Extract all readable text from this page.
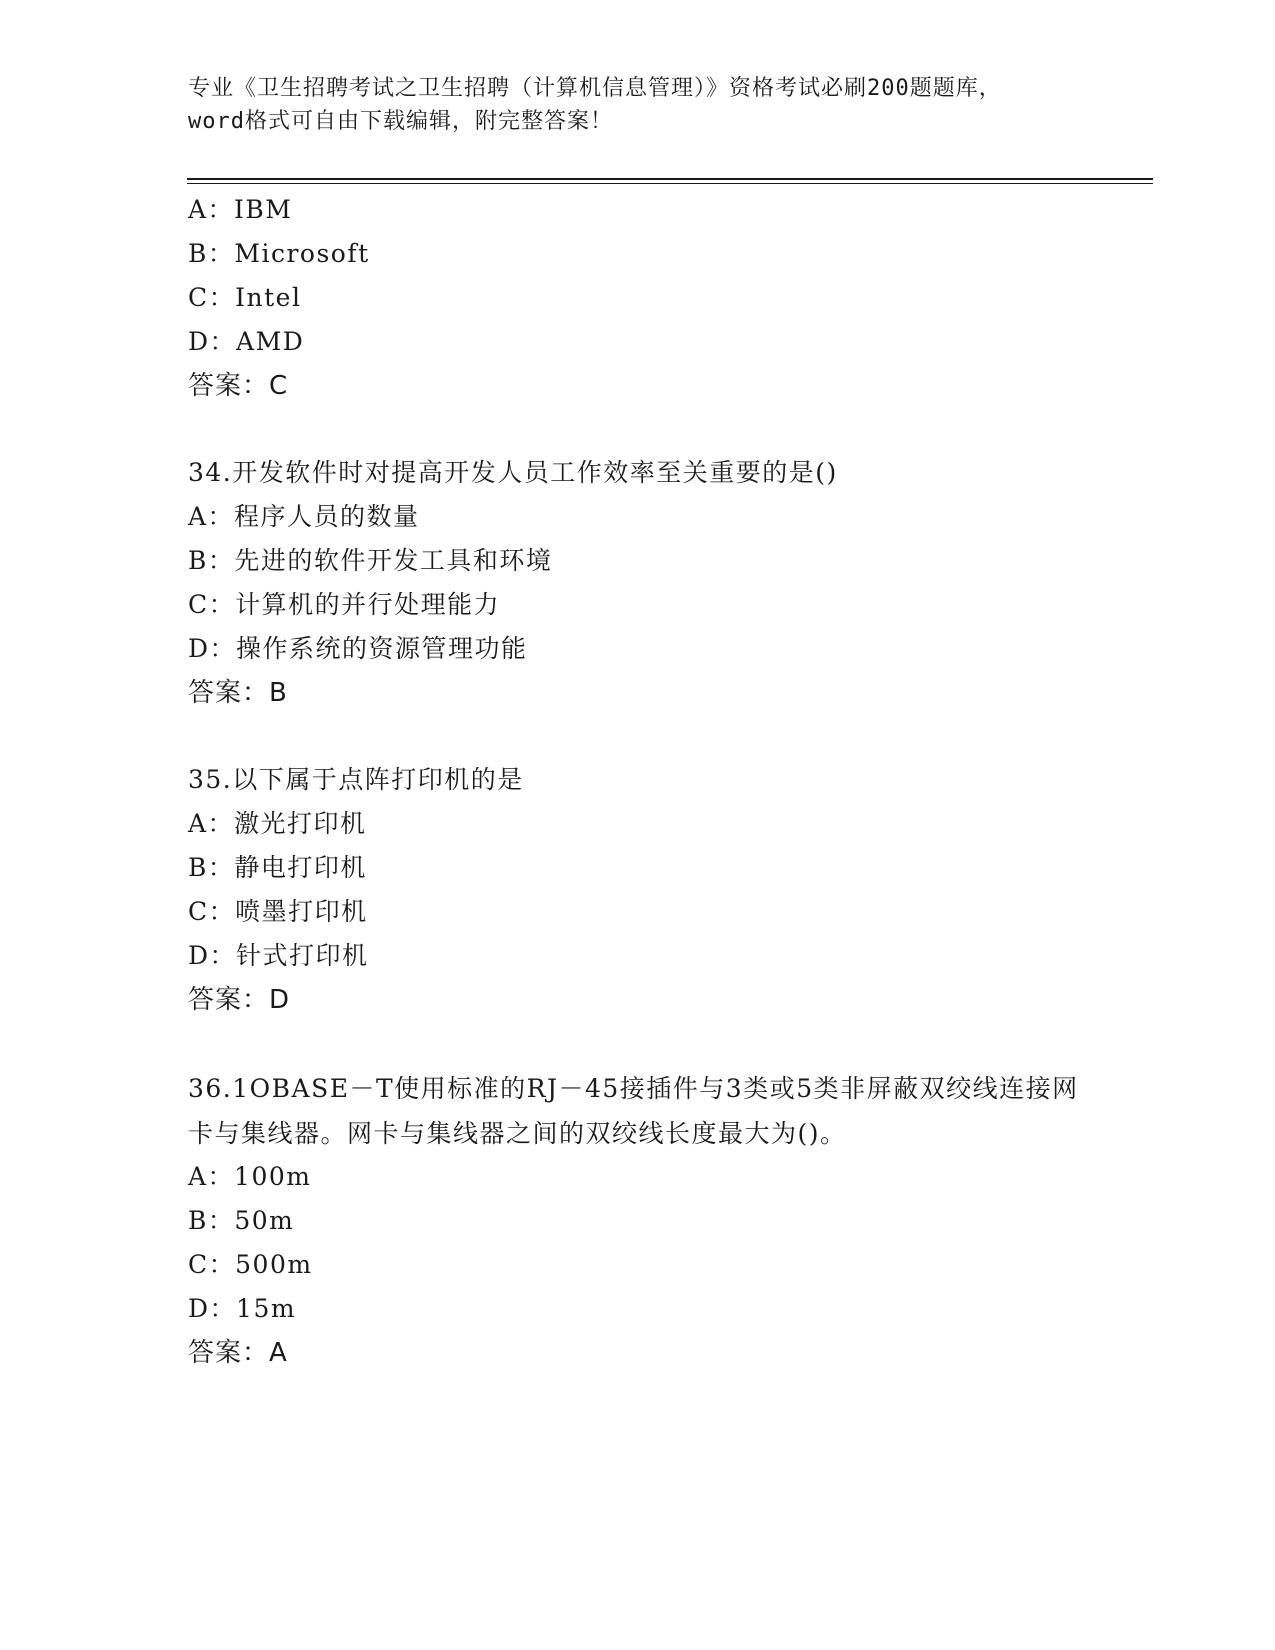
专业《卫生招聘考试之卫生招聘（计算机信息管理）》资格考试必刷200题题库，
word格式可自由下载编辑，附完整答案！
A：IBM
B：Microsoft
C：Intel
D：AMD
答案：C
34.开发软件时对提高开发人员工作效率至关重要的是()
A：程序人员的数量
B：先进的软件开发工具和环境
C：计算机的并行处理能力
D：操作系统的资源管理功能
答案：B
35.以下属于点阵打印机的是
A：激光打印机
B：静电打印机
C：喷墨打印机
D：针式打印机
答案：D
36.1OBASE－T使用标准的RJ－45接插件与3类或5类非屏蔽双绞线连接网卡与集线器。网卡与集线器之间的双绞线长度最大为()。
A：100m
B：50m
C：500m
D：15m
答案：A
